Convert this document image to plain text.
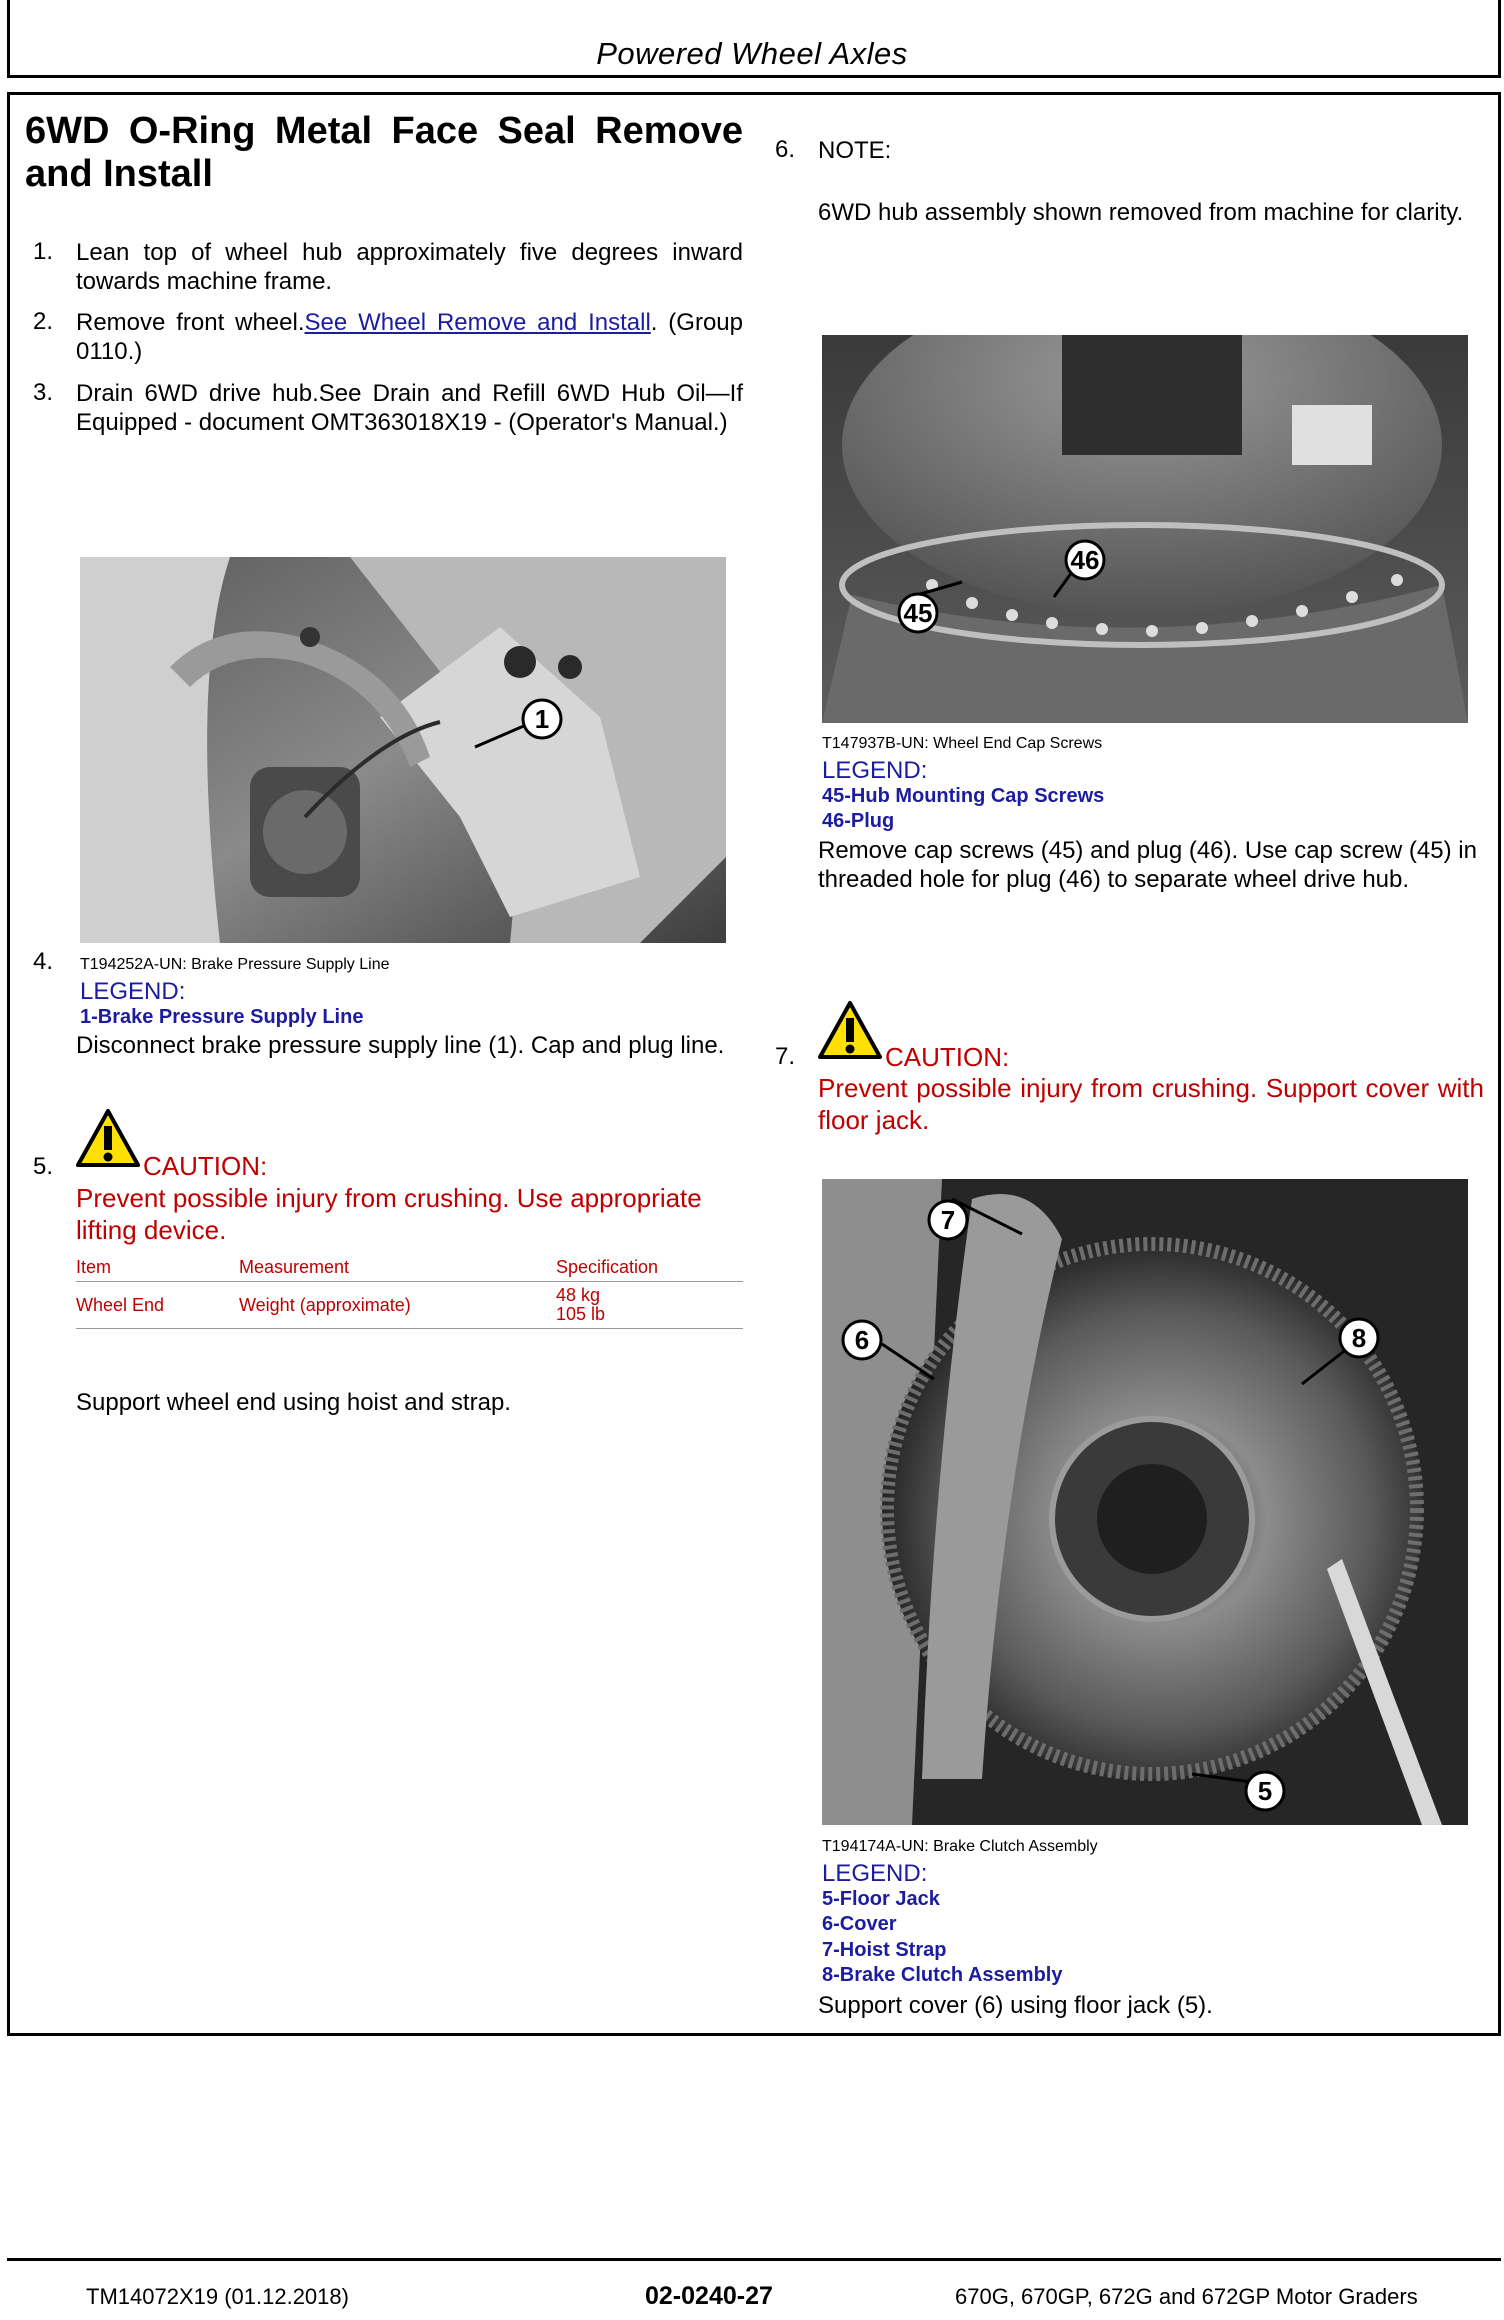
Powered Wheel Axles
6WD O-Ring Metal Face Seal Remove
and Install
1. Lean top of wheel hub approximately five degrees inward towards machine frame.
2. Remove front wheel.See Wheel Remove and Install. (Group 0110.)
3. Drain 6WD drive hub.See Drain and Refill 6WD Hub Oil—If Equipped - document OMT363018X19 - (Operator's Manual.)
1
4. T194252A-UN: Brake Pressure Supply Line
LEGEND:
1-Brake Pressure Supply Line
Disconnect brake pressure supply line (1). Cap and plug line.
5.	CAUTION:
Prevent possible injury from crushing. Use appropriate lifting device.
Item	Measurement	Specification
Wheel End	Weight (approximate)	48 kg
105 lb
Support wheel end using hoist and strap.
6. NOTE:
6WD hub assembly shown removed from machine for clarity.
45
46
T147937B-UN: Wheel End Cap Screws
LEGEND:
45-Hub Mounting Cap Screws
46-Plug
Remove cap screws (45) and plug (46). Use cap screw (45) in threaded hole for plug (46) to separate wheel drive hub.
7.	CAUTION:
Prevent possible injury from crushing. Support cover with floor jack.
7
6	8
5
T194174A-UN: Brake Clutch Assembly
LEGEND:
5-Floor Jack
6-Cover
7-Hoist Strap
8-Brake Clutch Assembly
Support cover (6) using floor jack (5).
TM14072X19 (01.12.2018)	02-0240-27	670G, 670GP, 672G and 672GP Motor Graders
